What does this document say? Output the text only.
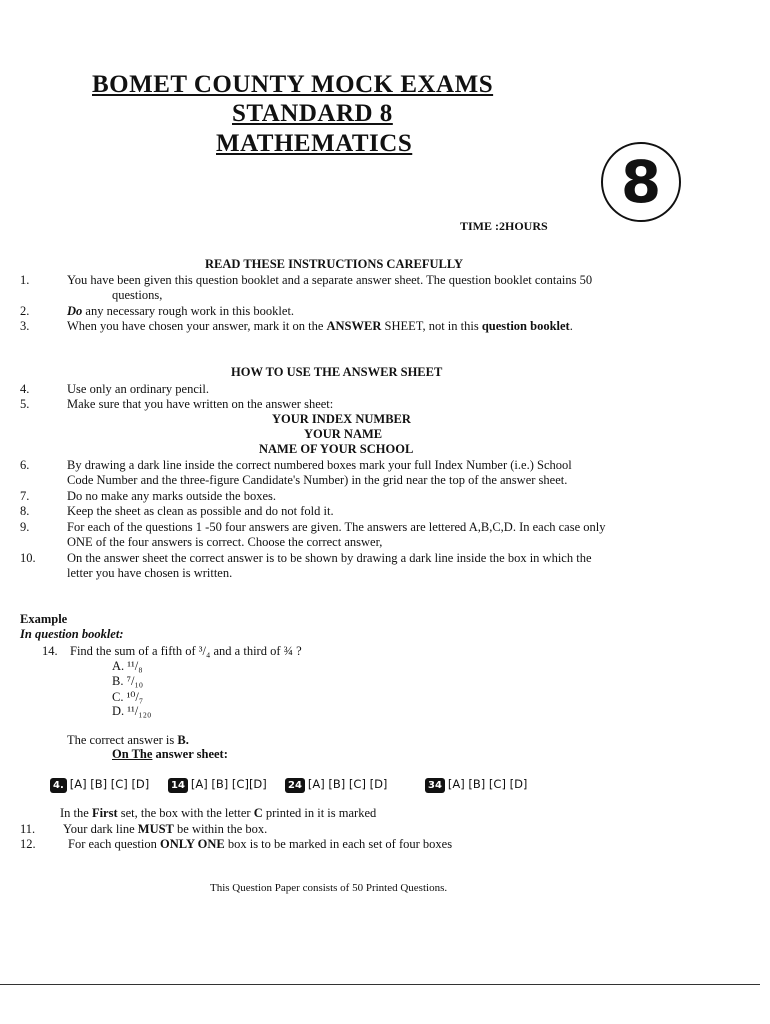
BOMET COUNTY MOCK EXAMS
STANDARD 8
MATHEMATICS
8
TIME :2HOURS
READ THESE INSTRUCTIONS CAREFULLY
1.	You have been given this question booklet and a separate answer sheet. The question booklet contains 50
questions,
2.	Do any necessary rough work in this booklet.
3.	When you have chosen your answer, mark it on the ANSWER SHEET, not in this question booklet.
HOW TO USE THE ANSWER SHEET
4.	Use only an ordinary pencil.
5.	Make sure that you have written on the answer sheet:
YOUR INDEX NUMBER
YOUR NAME
NAME OF YOUR SCHOOL
6.	By drawing a dark line inside the correct numbered boxes mark your full Index Number (i.e.) School
Code Number and the three-figure Candidate's Number) in the grid near the top of the answer sheet.
7.	Do no make any marks outside the boxes.
8.	Keep the sheet as clean as possible and do not fold it.
9.	For each of the questions 1 -50 four answers are given. The answers are lettered A,B,C,D. In each case only
ONE of the four answers is correct. Choose the correct answer,
10.	On the answer sheet the correct answer is to be shown by drawing a dark line inside the box in which the
letter you have chosen is written.
Example
In question booklet:
14. Find the sum of a fifth of ³/₄ and a third of ¾ ?
A. ¹¹/₈
B. ⁷/₁₀
C. ¹⁰/₇
D. ¹¹/₁₂₀
The correct answer is B.
On The answer sheet:
4. [A] [B] [C] [D]	14 [A] [B] [C][D]	24 [A] [B] [C] [D]	34 [A] [B] [C] [D]
In the First set, the box with the letter C printed in it is marked
11. Your dark line MUST be within the box.
12.	For each question ONLY ONE box is to be marked in each set of four boxes
This Question Paper consists of 50 Printed Questions.
